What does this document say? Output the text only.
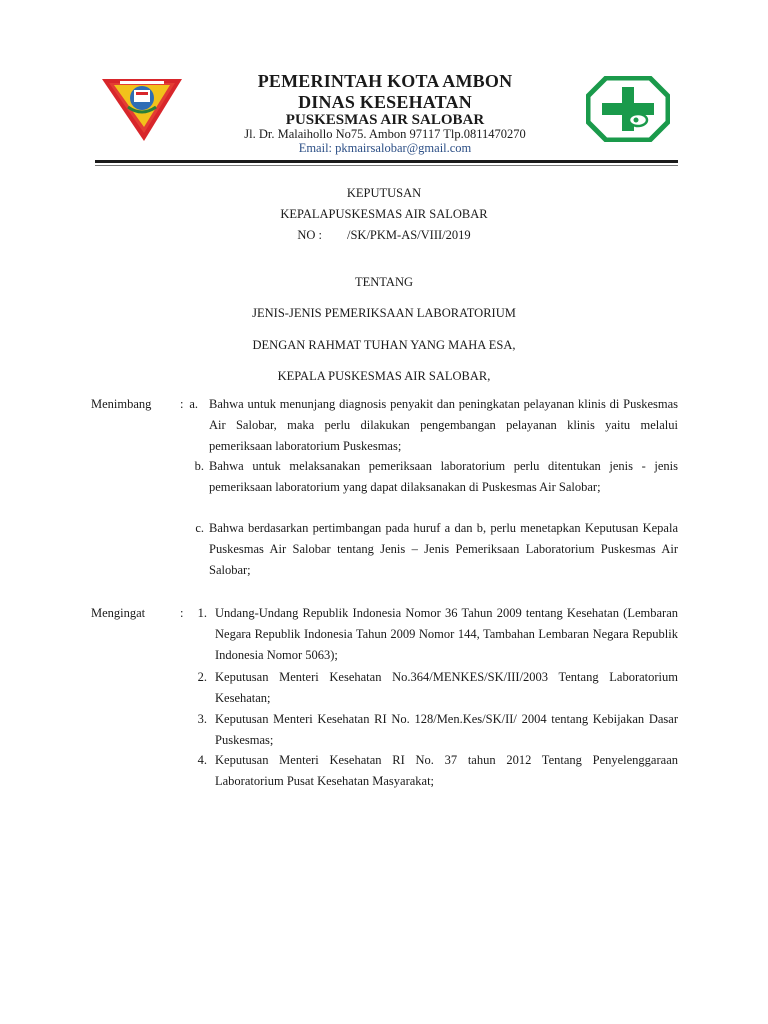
PEMERINTAH KOTA AMBON
DINAS KESEHATAN
PUSKESMAS AIR SALOBAR
Jl. Dr. Malaihollo No75. Ambon 97117 Tlp.0811470270
Email: pkmairsalobar@gmail.com
KEPUTUSAN
KEPALAPUSKESMAS AIR SALOBAR
NO :        /SK/PKM-AS/VIII/2019
TENTANG
JENIS-JENIS PEMERIKSAAN LABORATORIUM
DENGAN RAHMAT TUHAN YANG MAHA ESA,
KEPALA PUSKESMAS AIR SALOBAR,
Menimbang : a. Bahwa untuk menunjang diagnosis penyakit dan peningkatan pelayanan klinis di Puskesmas Air Salobar, maka perlu dilakukan pengembangan pelayanan klinis yaitu melalui pemeriksaan laboratorium Puskesmas;
b. Bahwa untuk melaksanakan pemeriksaan laboratorium perlu ditentukan jenis - jenis pemeriksaan laboratorium yang dapat dilaksanakan di Puskesmas Air Salobar;
c. Bahwa berdasarkan pertimbangan pada huruf a dan b, perlu menetapkan Keputusan Kepala Puskesmas Air Salobar tentang Jenis – Jenis Pemeriksaan Laboratorium Puskesmas Air Salobar;
Mengingat	:	1. Undang-Undang Republik Indonesia Nomor 36 Tahun 2009 tentang Kesehatan (Lembaran Negara Republik Indonesia Tahun 2009 Nomor 144, Tambahan Lembaran Negara Republik Indonesia Nomor 5063);
2. Keputusan Menteri Kesehatan No.364/MENKES/SK/III/2003 Tentang Laboratorium Kesehatan;
3. Keputusan Menteri Kesehatan RI No. 128/Men.Kes/SK/II/ 2004 tentang Kebijakan Dasar Puskesmas;
4. Keputusan Menteri Kesehatan RI No. 37 tahun 2012 Tentang Penyelenggaraan Laboratorium Pusat Kesehatan Masyarakat;
